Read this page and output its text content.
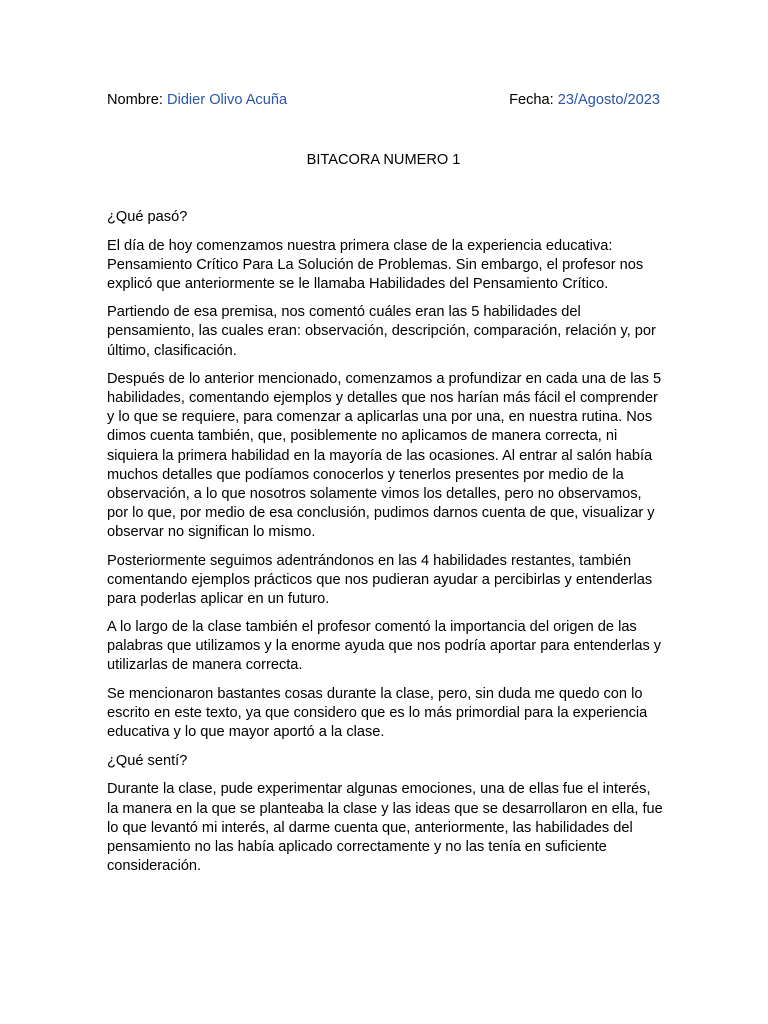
Nombre: Didier Olivo Acuña	Fecha: 23/Agosto/2023
BITACORA NUMERO 1

¿Qué pasó?

El día de hoy comenzamos nuestra primera clase de la experiencia educativa: Pensamiento Crítico Para La Solución de Problemas. Sin embargo, el profesor nos explicó que anteriormente se le llamaba Habilidades del Pensamiento Crítico.

Partiendo de esa premisa, nos comentó cuáles eran las 5 habilidades del pensamiento, las cuales eran: observación, descripción, comparación, relación y, por último, clasificación.

Después de lo anterior mencionado, comenzamos a profundizar en cada una de las 5 habilidades, comentando ejemplos y detalles que nos harían más fácil el comprender y lo que se requiere, para comenzar a aplicarlas una por una, en nuestra rutina. Nos dimos cuenta también, que, posiblemente no aplicamos de manera correcta, ni siquiera la primera habilidad en la mayoría de las ocasiones. Al entrar al salón había muchos detalles que podíamos conocerlos y tenerlos presentes por medio de la observación, a lo que nosotros solamente vimos los detalles, pero no observamos, por lo que, por medio de esa conclusión, pudimos darnos cuenta de que, visualizar y observar no significan lo mismo.

Posteriormente seguimos adentrándonos en las 4 habilidades restantes, también comentando ejemplos prácticos que nos pudieran ayudar a percibirlas y entenderlas para poderlas aplicar en un futuro.

A lo largo de la clase también el profesor comentó la importancia del origen de las palabras que utilizamos y la enorme ayuda que nos podría aportar para entenderlas y utilizarlas de manera correcta.

Se mencionaron bastantes cosas durante la clase, pero, sin duda me quedo con lo escrito en este texto, ya que considero que es lo más primordial para la experiencia educativa y lo que mayor aportó a la clase.

¿Qué sentí?

Durante la clase, pude experimentar algunas emociones, una de ellas fue el interés, la manera en la que se planteaba la clase y las ideas que se desarrollaron en ella, fue lo que levantó mi interés, al darme cuenta que, anteriormente, las habilidades del pensamiento no las había aplicado correctamente y no las tenía en suficiente consideración.
